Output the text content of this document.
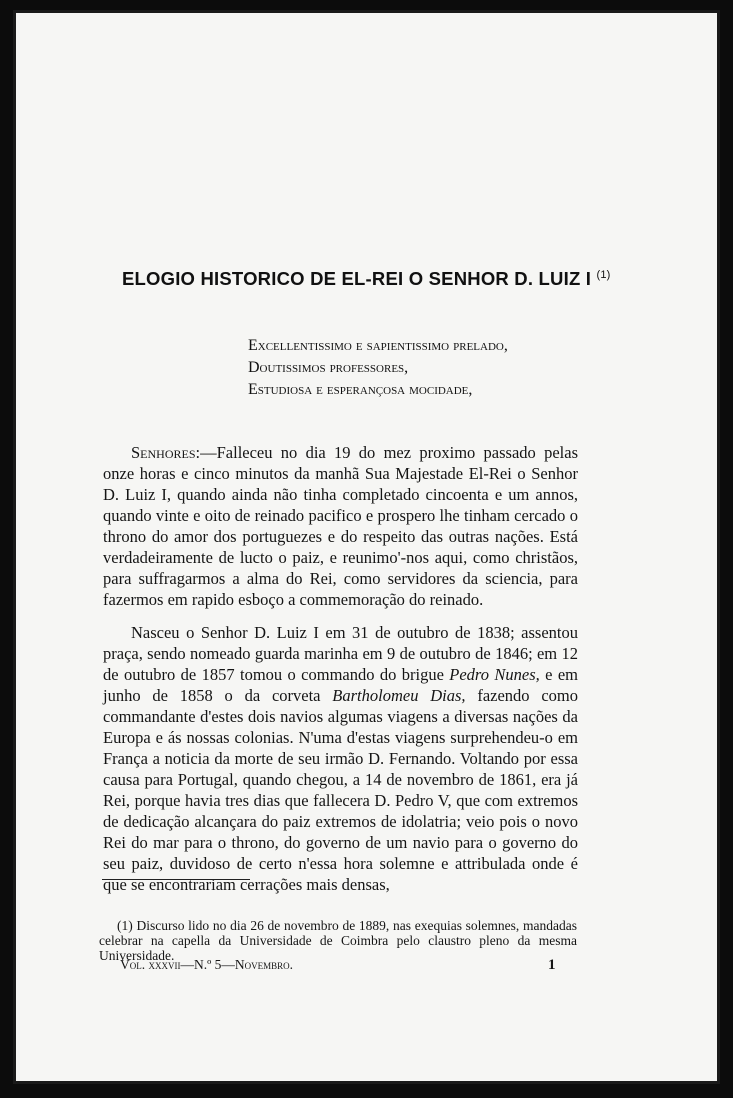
ELOGIO HISTORICO DE EL-REI O SENHOR D. LUIZ I $^{(1)}$
Excellentissimo e sapientissimo prelado,
Doutissimos professores,
Estudiosa e esperançosa mocidade,

Senhores:—Falleceu no dia 19 do mez proximo passado pelas onze horas e cinco minutos da manhã Sua Majestade El-Rei o Senhor D. Luiz I, quando ainda não tinha completado cincoenta e um annos, quando vinte e oito de reinado pacifico e prospero lhe tinham cercado o throno do amor dos portuguezes e do respeito das outras nações. Está verdadeiramente de lucto o paiz, e reunimo'-nos aqui, como christãos, para suffragarmos a alma do Rei, como servidores da sciencia, para fazermos em rapido esboço a commemoração do reinado.

Nasceu o Senhor D. Luiz I em 31 de outubro de 1838; assentou praça, sendo nomeado guarda marinha em 9 de outubro de 1846; em 12 de outubro de 1857 tomou o commando do brigue Pedro Nunes, e em junho de 1858 o da corveta Bartholomeu Dias, fazendo como commandante d'estes dois navios algumas viagens a diversas nações da Europa e ás nossas colonias. N'uma d'estas viagens surprehendeu-o em França a noticia da morte de seu irmão D. Fernando. Voltando por essa causa para Portugal, quando chegou, a 14 de novembro de 1861, era já Rei, porque havia tres dias que fallecera D. Pedro V, que com extremos de dedicação alcançara do paiz extremos de idolatria; veio pois o novo Rei do mar para o throno, do governo de um navio para o governo do seu paiz, duvidoso de certo n'essa hora solemne e attribulada onde é que se encontrariam cerrações mais densas,

(1) Discurso lido no dia 26 de novembro de 1889, nas exequias solemnes, mandadas celebrar na capella da Universidade de Coimbra pelo claustro pleno da mesma Universidade.

Vol. xxxvii—N.º 5—Novembro.	1
